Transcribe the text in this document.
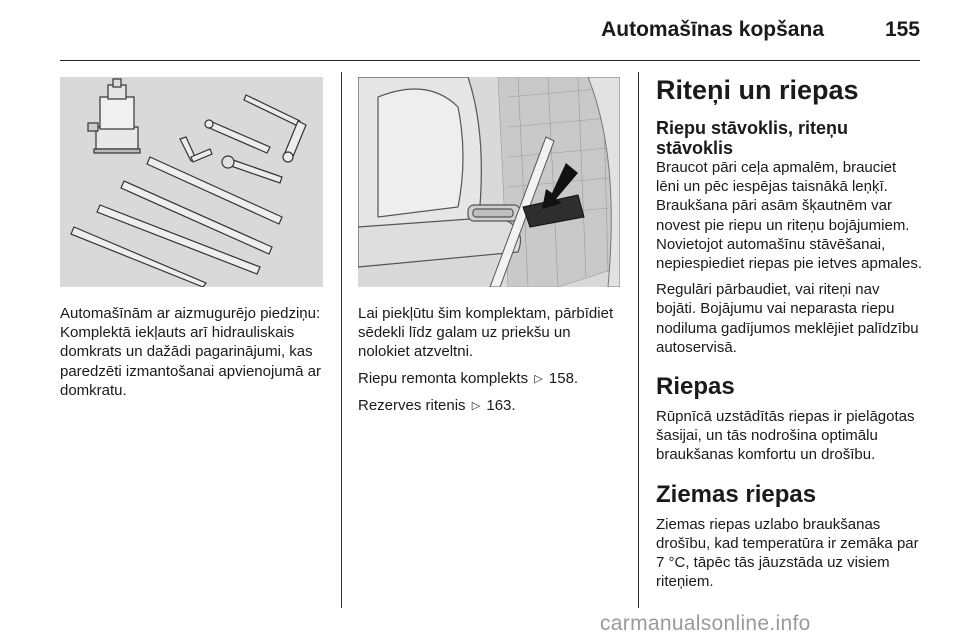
Automašīnas kopšana	155

Automašīnām ar aizmugurējo piedziņu: Komplektā iekļauts arī hidrauliskais domkrats un dažādi pagarinājumi, kas paredzēti izmantošanai apvienojumā ar domkratu.

Lai piekļūtu šim komplektam, pārbīdiet sēdekli līdz galam uz priekšu un nolokiet atzveltni.

Riepu remonta komplekts ▷ 158.

Rezerves ritenis ▷ 163.

Riteņi un riepas
Riepu stāvoklis, riteņu stāvoklis

Braucot pāri ceļa apmalēm, brauciet lēni un pēc iespējas taisnākā leņķī. Braukšana pāri asām šķautnēm var novest pie riepu un riteņu bojājumiem. Novietojot automašīnu stāvēšanai, nepiespiediet riepas pie ietves apmales.

Regulāri pārbaudiet, vai riteņi nav bojāti. Bojājumu vai neparasta riepu nodiluma gadījumos meklējiet palīdzību autoservisā.

Riepas

Rūpnīcā uzstādītās riepas ir pielāgotas šasijai, un tās nodrošina optimālu braukšanas komfortu un drošību.

Ziemas riepas

Ziemas riepas uzlabo braukšanas drošību, kad temperatūra ir zemāka par 7 °C, tāpēc tās jāuzstāda uz visiem riteņiem.

carmanualsonline.info
